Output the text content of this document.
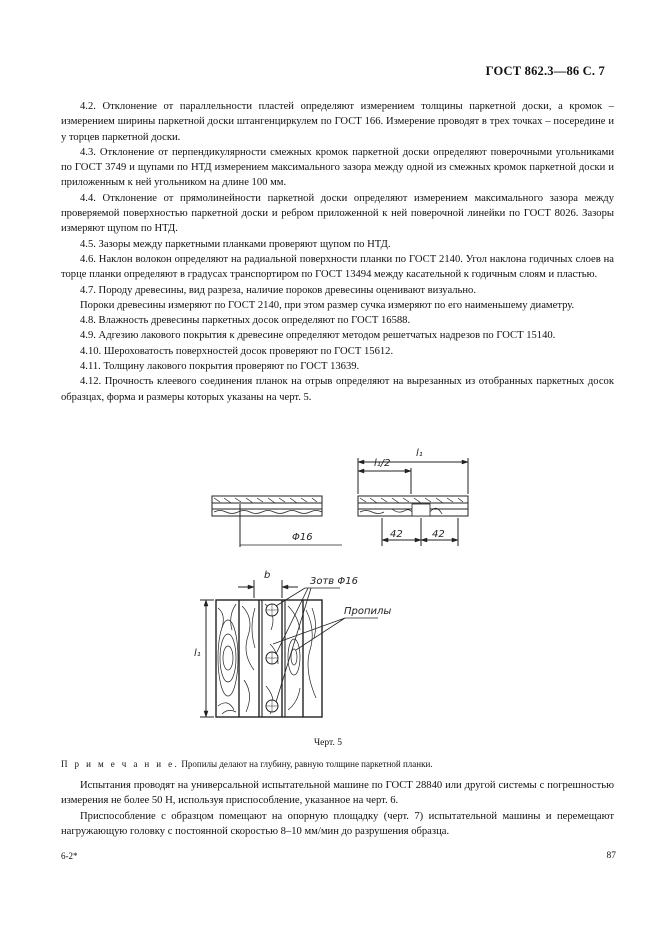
ГОСТ 862.3—86 С. 7

4.2. Отклонение от параллельности пластей определяют измерением толщины паркетной доски, а кромок – измерением ширины паркетной доски штангенциркулем по ГОСТ 166. Измерение проводят в трех точках – посередине и у торцев паркетной доски.

4.3. Отклонение от перпендикулярности смежных кромок паркетной доски определяют поверочными угольниками по ГОСТ 3749 и щупами по НТД измерением максимального зазора между одной из смежных кромок паркетной доски и приложенным к ней угольником на длине 100 мм.

4.4. Отклонение от прямолинейности паркетной доски определяют измерением максимального зазора между проверяемой поверхностью паркетной доски и ребром приложенной к ней поверочной линейки по ГОСТ 8026. Зазоры измеряют щупом по НТД.

4.5. Зазоры между паркетными планками проверяют щупом по НТД.

4.6. Наклон волокон определяют на радиальной поверхности планки по ГОСТ 2140. Угол наклона годичных слоев на торце планки определяют в градусах транспортиром по ГОСТ 13494 между касательной к годичным слоям и пластью.

4.7. Породу древесины, вид разреза, наличие пороков древесины оценивают визуально.

Пороки древесины измеряют по ГОСТ 2140, при этом размер сучка измеряют по его наименьшему диаметру.

4.8. Влажность древесины паркетных досок определяют по ГОСТ 16588.

4.9. Адгезию лакового покрытия к древесине определяют методом решетчатых надрезов по ГОСТ 15140.

4.10. Шероховатость поверхностей досок проверяют по ГОСТ 15612.

4.11. Толщину лакового покрытия проверяют по ГОСТ 13639.

4.12. Прочность клеевого соединения планок на отрыв определяют на вырезанных из отобранных паркетных досок образцах, форма и размеры которых указаны на черт. 5.

l₁
l₁/2
42	42
Φ16
b
3отв Φ16
Пропилы
l₁
Черт. 5
П р и м е ч а н и е. Пропилы делают на глубину, равную толщине паркетной планки.

Испытания проводят на универсальной испытательной машине по ГОСТ 28840 или другой системы с погрешностью измерения не более 50 Н, используя приспособление, указанное на черт. 6.

Приспособление с образцом помещают на опорную площадку (черт. 7) испытательной машины и перемещают нагружающую головку с постоянной скоростью 8–10 мм/мин до разрушения образца.

6-2*	87
